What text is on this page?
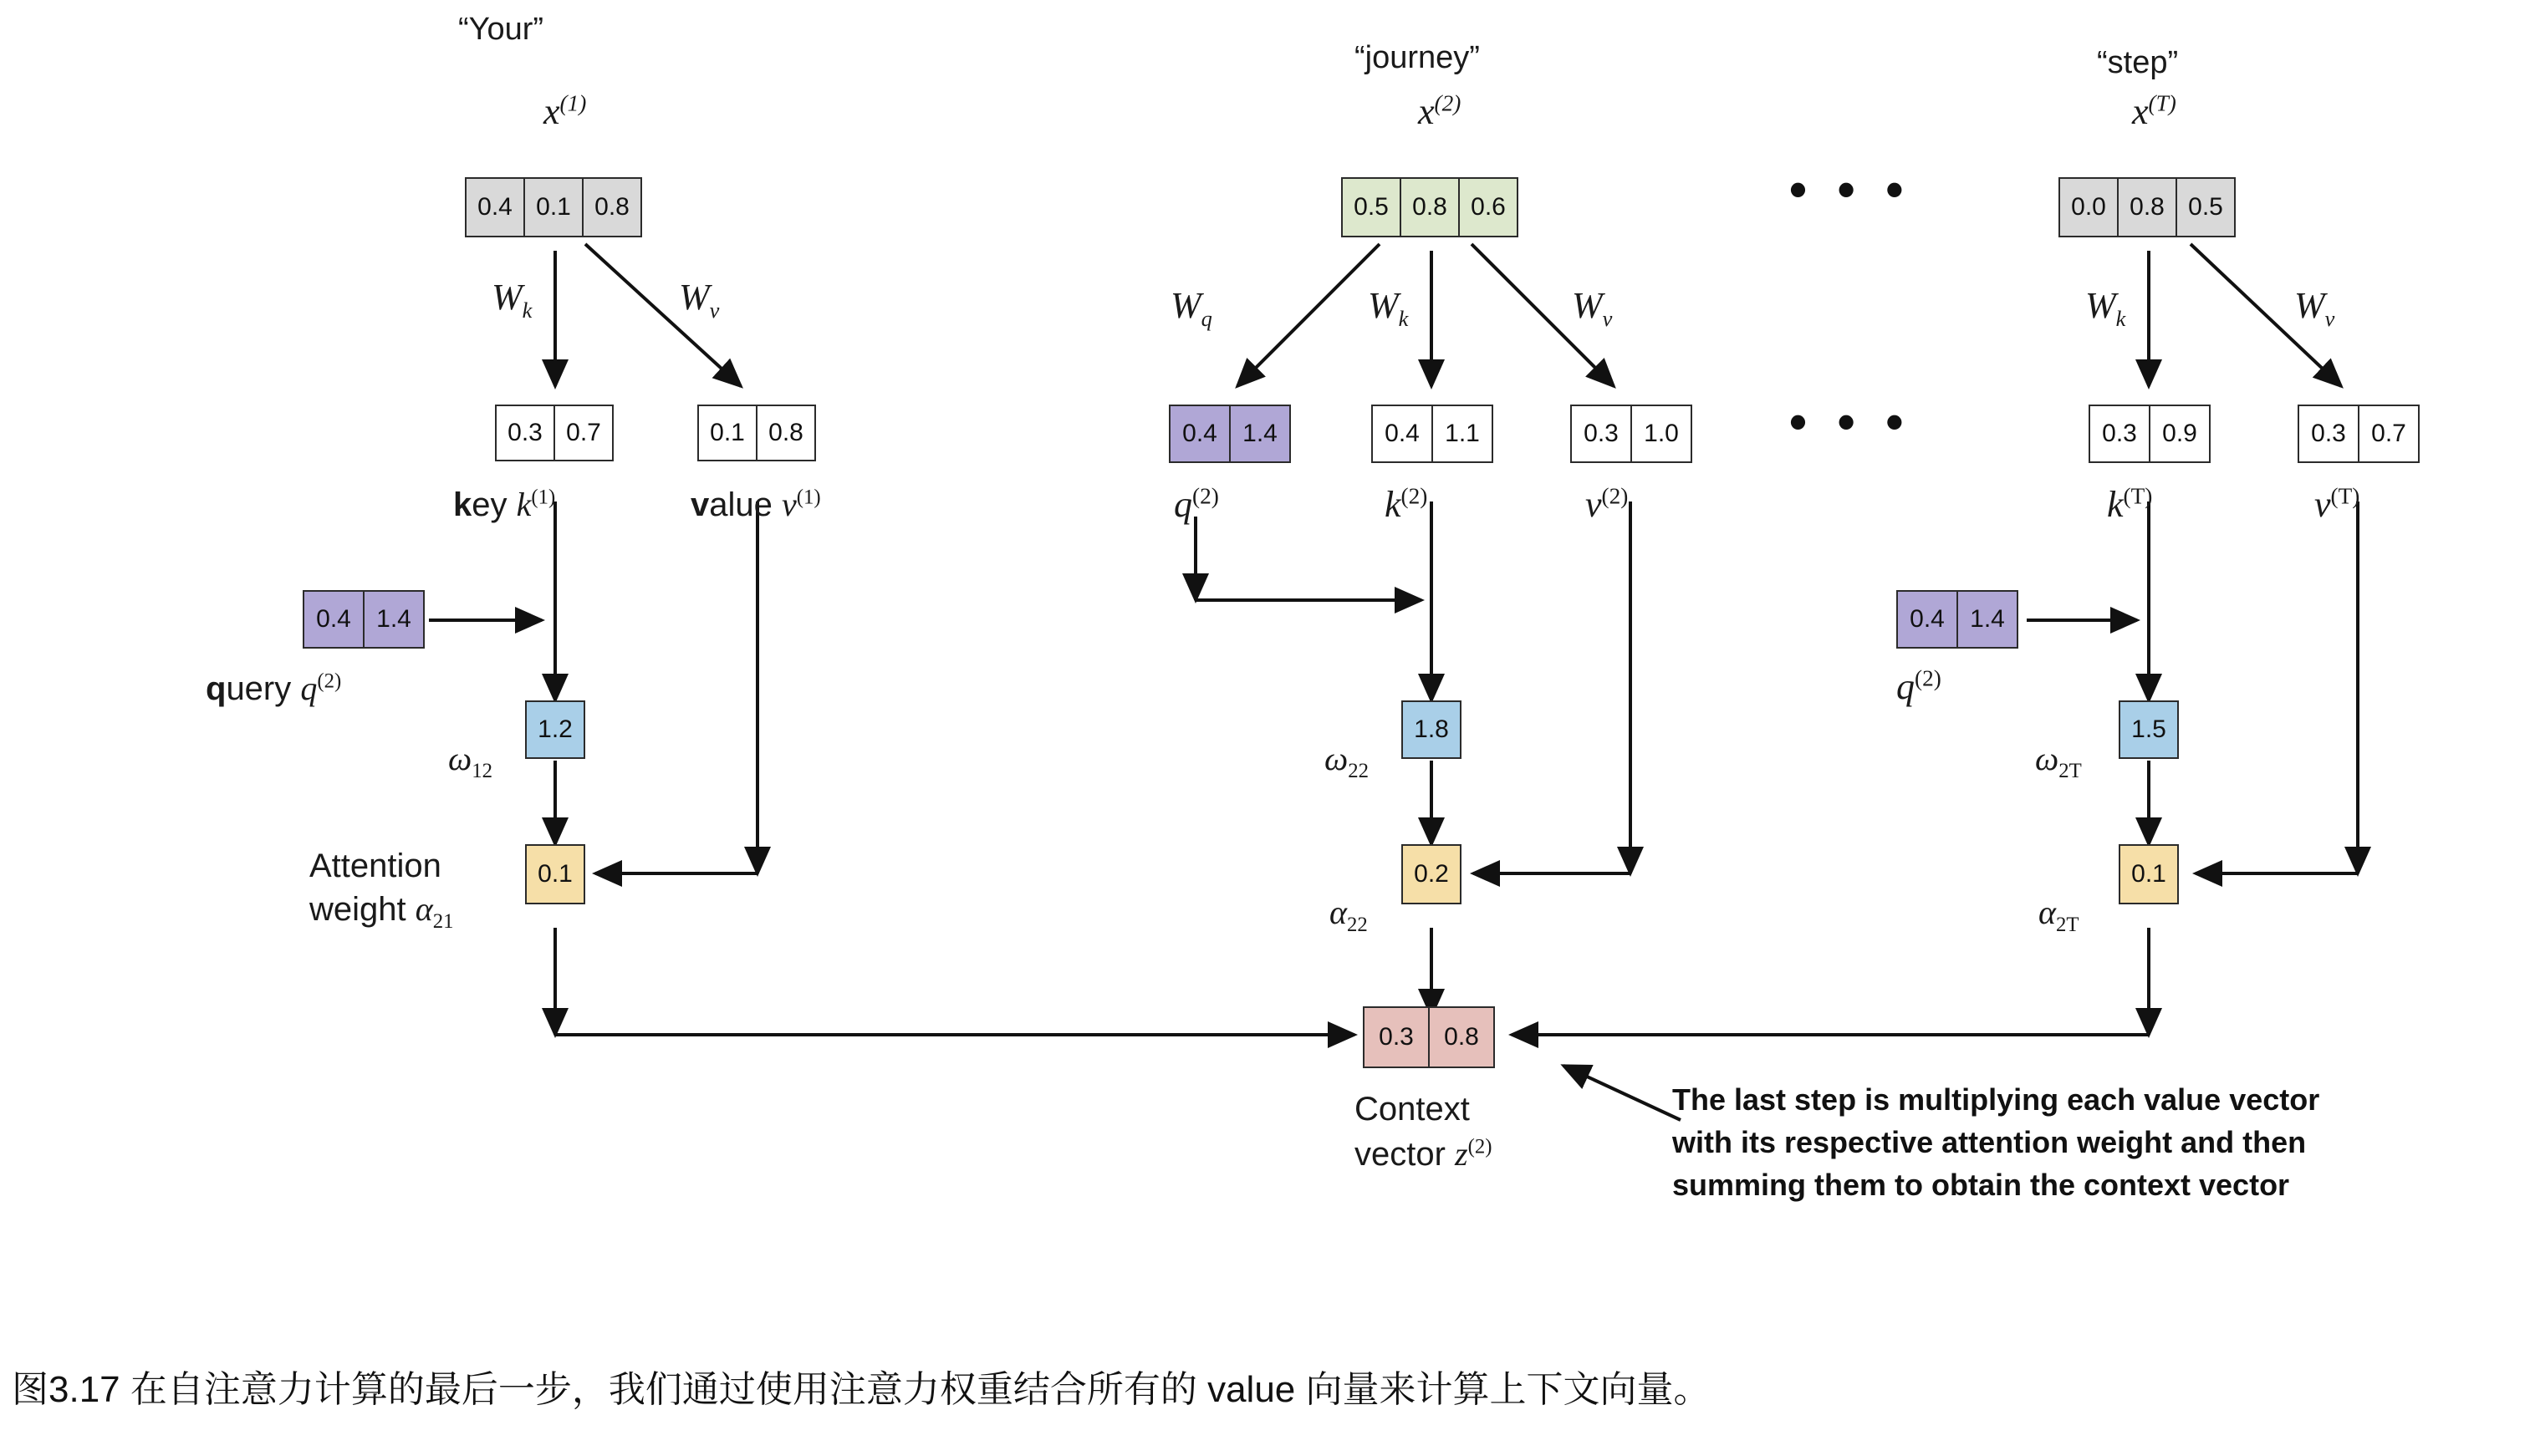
“Your”
$x^{(1)}$
0.4 0.1 0.8
$W_k$	$W_v$
0.3 0.7	0.1 0.8
key $k^{(1)}$	value $v^{(1)}$
0.4	1.4
query $q^{(2)}$
$\omega_{12}$
1.2
Attention
weight $\alpha_{21}$
0.1
• • •
• • •
“journey”
$x^{(2)}$
0.5 0.8 0.6
$W_q$	$W_k$	$W_v$
0.4	1.4	0.4	1.1	0.3	1.0
$q^{(2)}$	$k^{(2)}$	$v^{(2)}$
$\omega_{22}$
1.8
$\alpha_{22}$
0.2
“step”
$x^{(T)}$
0.0 0.8 0.5
$W_k$	$W_v$
0.3	0.9	0.3	0.7
$k^{(T)}$	$v^{(T)}$
0.4	1.4
$q^{(2)}$
$\omega_{2T}$
1.5
$\alpha_{2T}$
0.1
0.3	0.8
Context
vector $z^{(2)}$
The last step is multiplying each value vector
with its respective attention weight and then
summing them to obtain the context vector
图3.17 在自注意力计算的最后一步，我们通过使用注意力权重结合所有的 value 向量来计算上下文向量。
